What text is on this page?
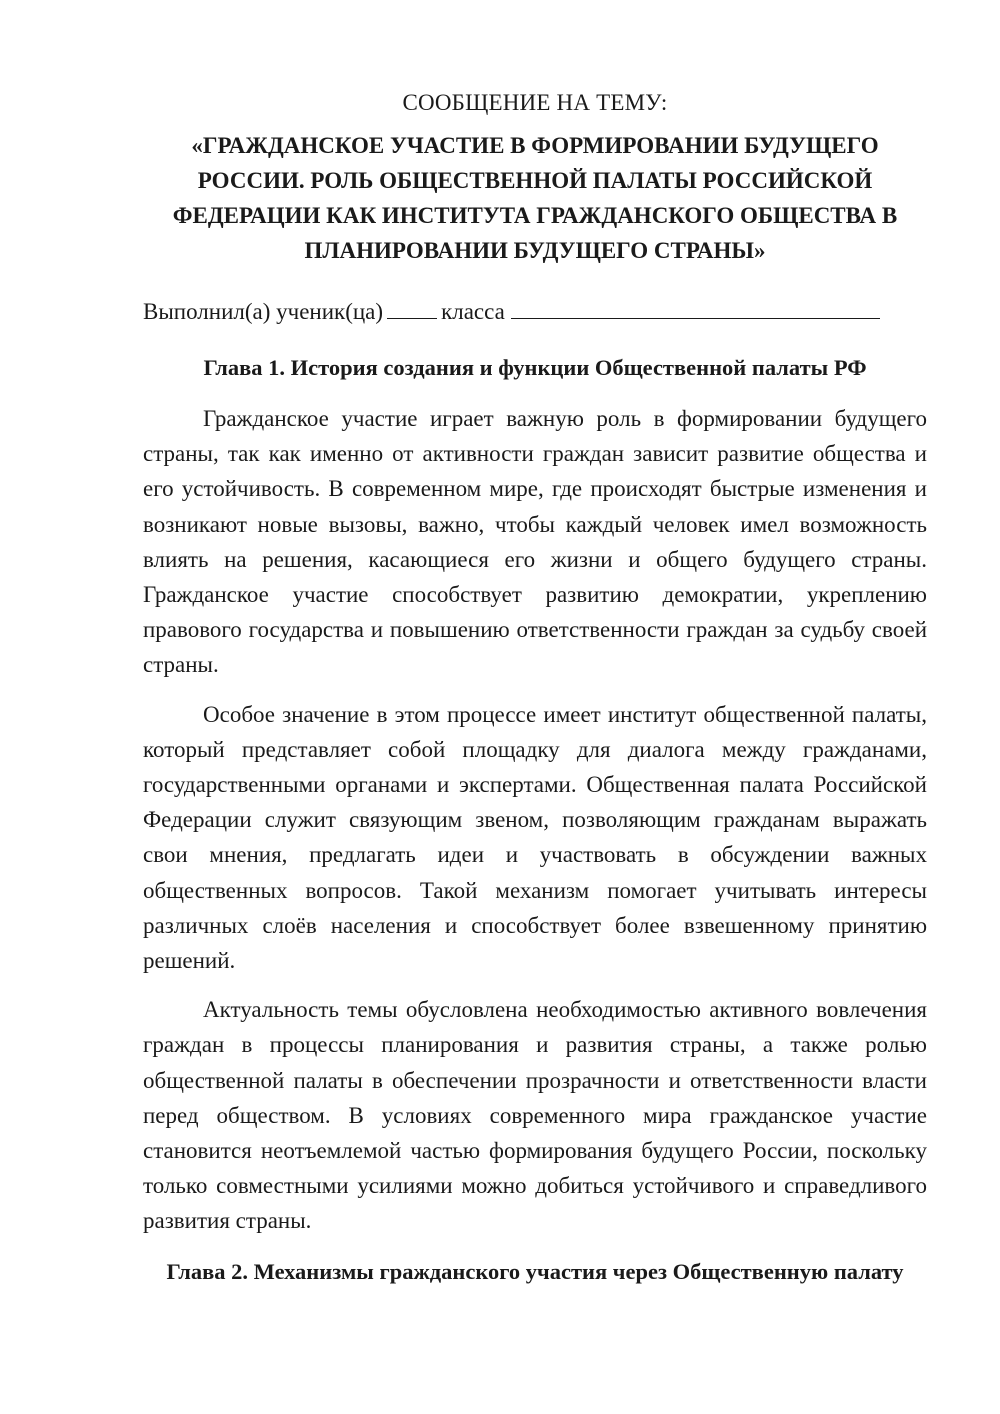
СООБЩЕНИЕ НА ТЕМУ:
«ГРАЖДАНСКОЕ УЧАСТИЕ В ФОРМИРОВАНИИ БУДУЩЕГО
РОССИИ. РОЛЬ ОБЩЕСТВЕННОЙ ПАЛАТЫ РОССИЙСКОЙ
ФЕДЕРАЦИИ КАК ИНСТИТУТА ГРАЖДАНСКОГО ОБЩЕСТВА В
ПЛАНИРОВАНИИ БУДУЩЕГО СТРАНЫ»
Выполнил(а) ученик(ца)	класса
Глава 1. История создания и функции Общественной палаты РФ

Гражданское участие играет важную роль в формировании будущего страны, так как именно от активности граждан зависит развитие общества и его устойчивость. В современном мире, где происходят быстрые изменения и возникают новые вызовы, важно, чтобы каждый человек имел возможность влиять на решения, касающиеся его жизни и общего будущего страны. Гражданское участие способствует развитию демократии, укреплению правового государства и повышению ответственности граждан за судьбу своей страны.

Особое значение в этом процессе имеет институт общественной палаты, который представляет собой площадку для диалога между гражданами, государственными органами и экспертами. Общественная палата Российской Федерации служит связующим звеном, позволяющим гражданам выражать свои мнения, предлагать идеи и участвовать в обсуждении важных общественных вопросов. Такой механизм помогает учитывать интересы различных слоёв населения и способствует более взвешенному принятию решений.

Актуальность темы обусловлена необходимостью активного вовлечения граждан в процессы планирования и развития страны, а также ролью общественной палаты в обеспечении прозрачности и ответственности власти перед обществом. В условиях современного мира гражданское участие становится неотъемлемой частью формирования будущего России, поскольку только совместными усилиями можно добиться устойчивого и справедливого развития страны.

Глава 2. Механизмы гражданского участия через Общественную палату
